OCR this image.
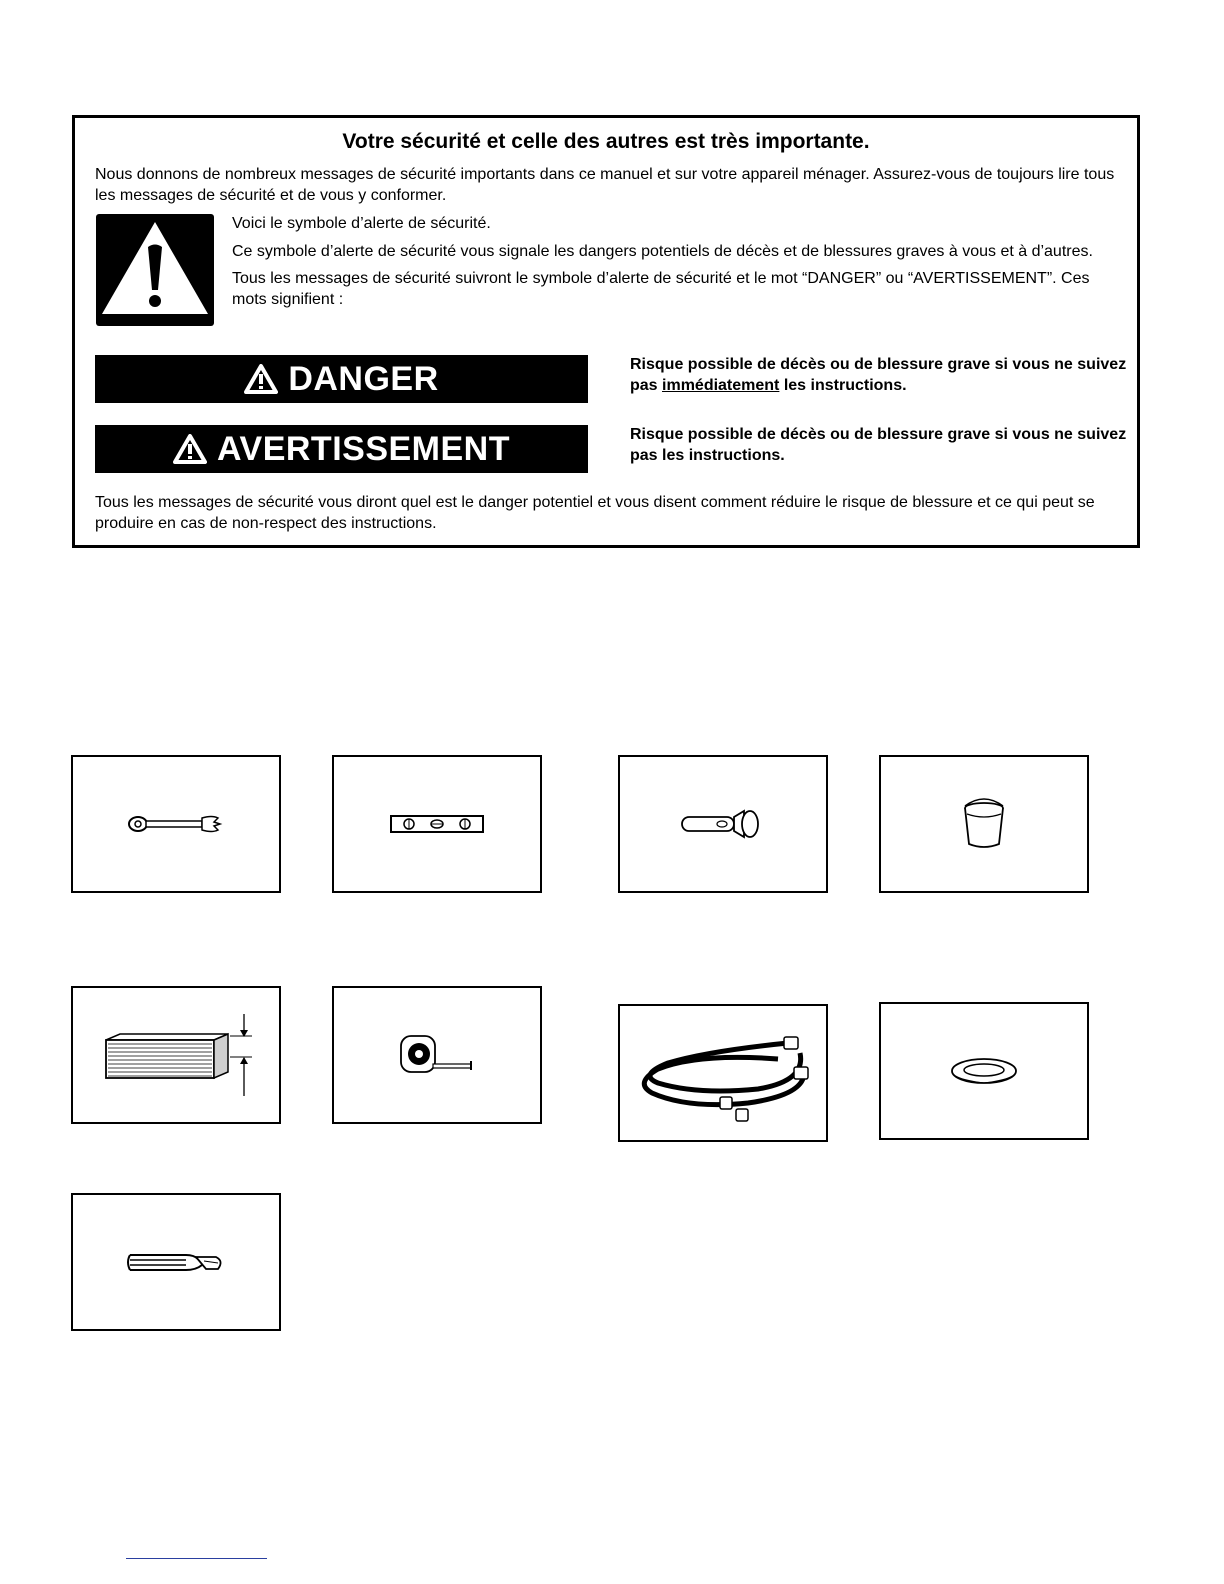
Votre sécurité et celle des autres est très importante.
Nous donnons de nombreux messages de sécurité importants dans ce manuel et sur votre appareil ménager. Assurez-vous de toujours lire tous les messages de sécurité et de vous y conformer.

Voici le symbole d’alerte de sécurité.

Ce symbole d’alerte de sécurité vous signale les dangers potentiels de décès et de blessures graves à vous et à d’autres.

Tous les messages de sécurité suivront le symbole d’alerte de sécurité et le mot “DANGER” ou “AVERTISSEMENT”. Ces mots signifient :

DANGER	Risque possible de décès ou de blessure grave si vous ne suivez pas immédiatement les instructions.
AVERTISSEMENT	Risque possible de décès ou de blessure grave si vous ne suivez pas les instructions.
Tous les messages de sécurité vous diront quel est le danger potentiel et vous disent comment réduire le risque de blessure et ce qui peut se produire en cas de non-respect des instructions.
